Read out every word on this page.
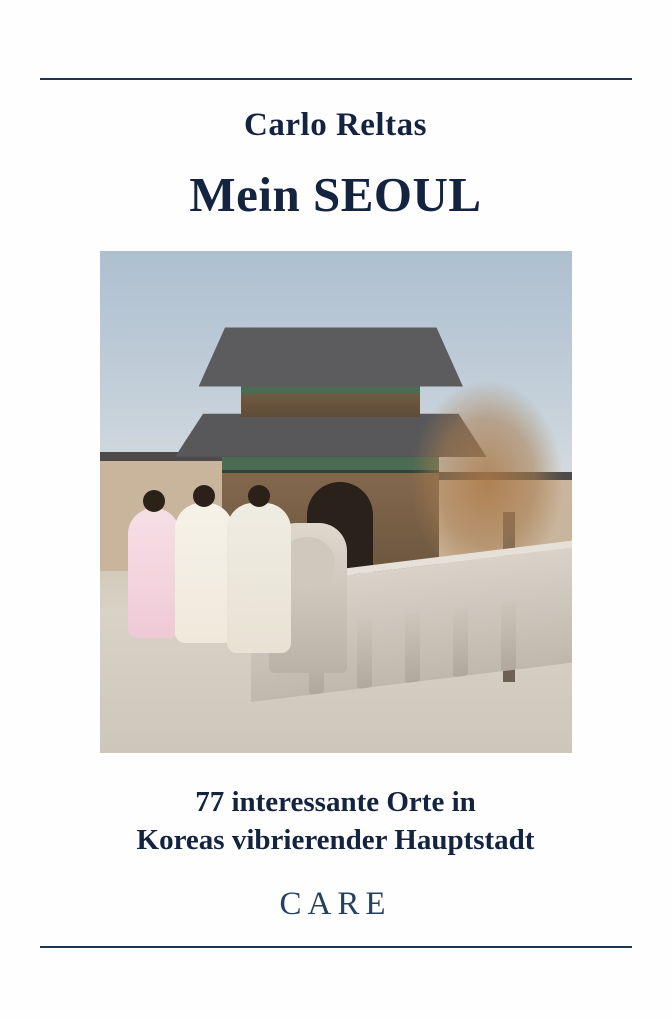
Carlo Reltas
Mein SEOUL
77 interessante Orte in
Koreas vibrierender Hauptstadt
CARE
